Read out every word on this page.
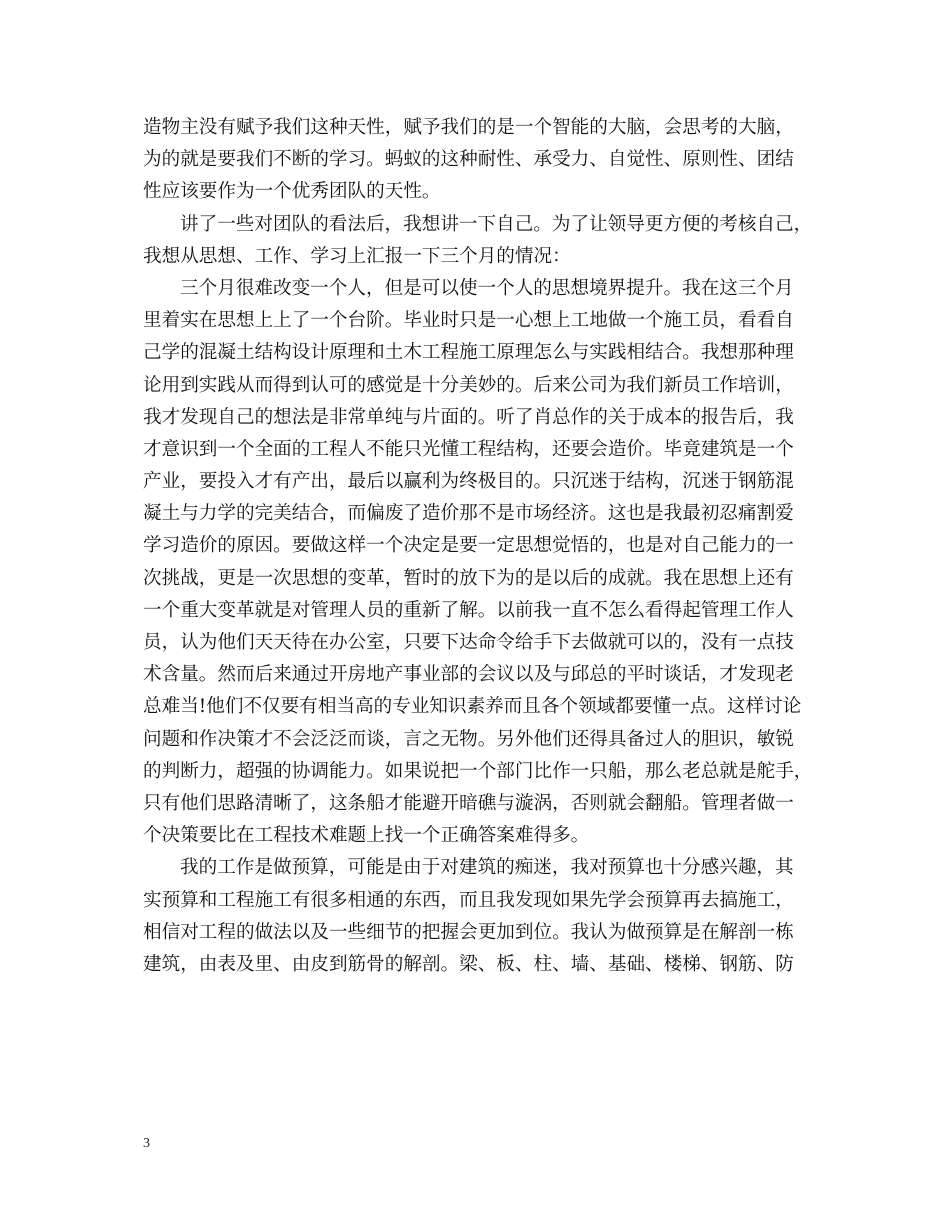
造物主没有赋予我们这种天性，赋予我们的是一个智能的大脑，会思考的大脑，
为的就是要我们不断的学习。蚂蚁的这种耐性、承受力、自觉性、原则性、团结
性应该要作为一个优秀团队的天性。
讲了一些对团队的看法后，我想讲一下自己。为了让领导更方便的考核自己，
我想从思想、工作、学习上汇报一下三个月的情况：
三个月很难改变一个人，但是可以使一个人的思想境界提升。我在这三个月
里着实在思想上上了一个台阶。毕业时只是一心想上工地做一个施工员，看看自
己学的混凝土结构设计原理和土木工程施工原理怎么与实践相结合。我想那种理
论用到实践从而得到认可的感觉是十分美妙的。后来公司为我们新员工作培训，
我才发现自己的想法是非常单纯与片面的。听了肖总作的关于成本的报告后，我
才意识到一个全面的工程人不能只光懂工程结构，还要会造价。毕竟建筑是一个
产业，要投入才有产出，最后以赢利为终极目的。只沉迷于结构，沉迷于钢筋混
凝土与力学的完美结合，而偏废了造价那不是市场经济。这也是我最初忍痛割爱
学习造价的原因。要做这样一个决定是要一定思想觉悟的，也是对自己能力的一
次挑战，更是一次思想的变革，暂时的放下为的是以后的成就。我在思想上还有
一个重大变革就是对管理人员的重新了解。以前我一直不怎么看得起管理工作人
员，认为他们天天待在办公室，只要下达命令给手下去做就可以的，没有一点技
术含量。然而后来通过开房地产事业部的会议以及与邱总的平时谈话，才发现老
总难当!他们不仅要有相当高的专业知识素养而且各个领域都要懂一点。这样讨论
问题和作决策才不会泛泛而谈，言之无物。另外他们还得具备过人的胆识，敏锐
的判断力，超强的协调能力。如果说把一个部门比作一只船，那么老总就是舵手，
只有他们思路清晰了，这条船才能避开暗礁与漩涡，否则就会翻船。管理者做一
个决策要比在工程技术难题上找一个正确答案难得多。
我的工作是做预算，可能是由于对建筑的痴迷，我对预算也十分感兴趣，其
实预算和工程施工有很多相通的东西，而且我发现如果先学会预算再去搞施工，
相信对工程的做法以及一些细节的把握会更加到位。我认为做预算是在解剖一栋
建筑，由表及里、由皮到筋骨的解剖。梁、板、柱、墙、基础、楼梯、钢筋、防
3
